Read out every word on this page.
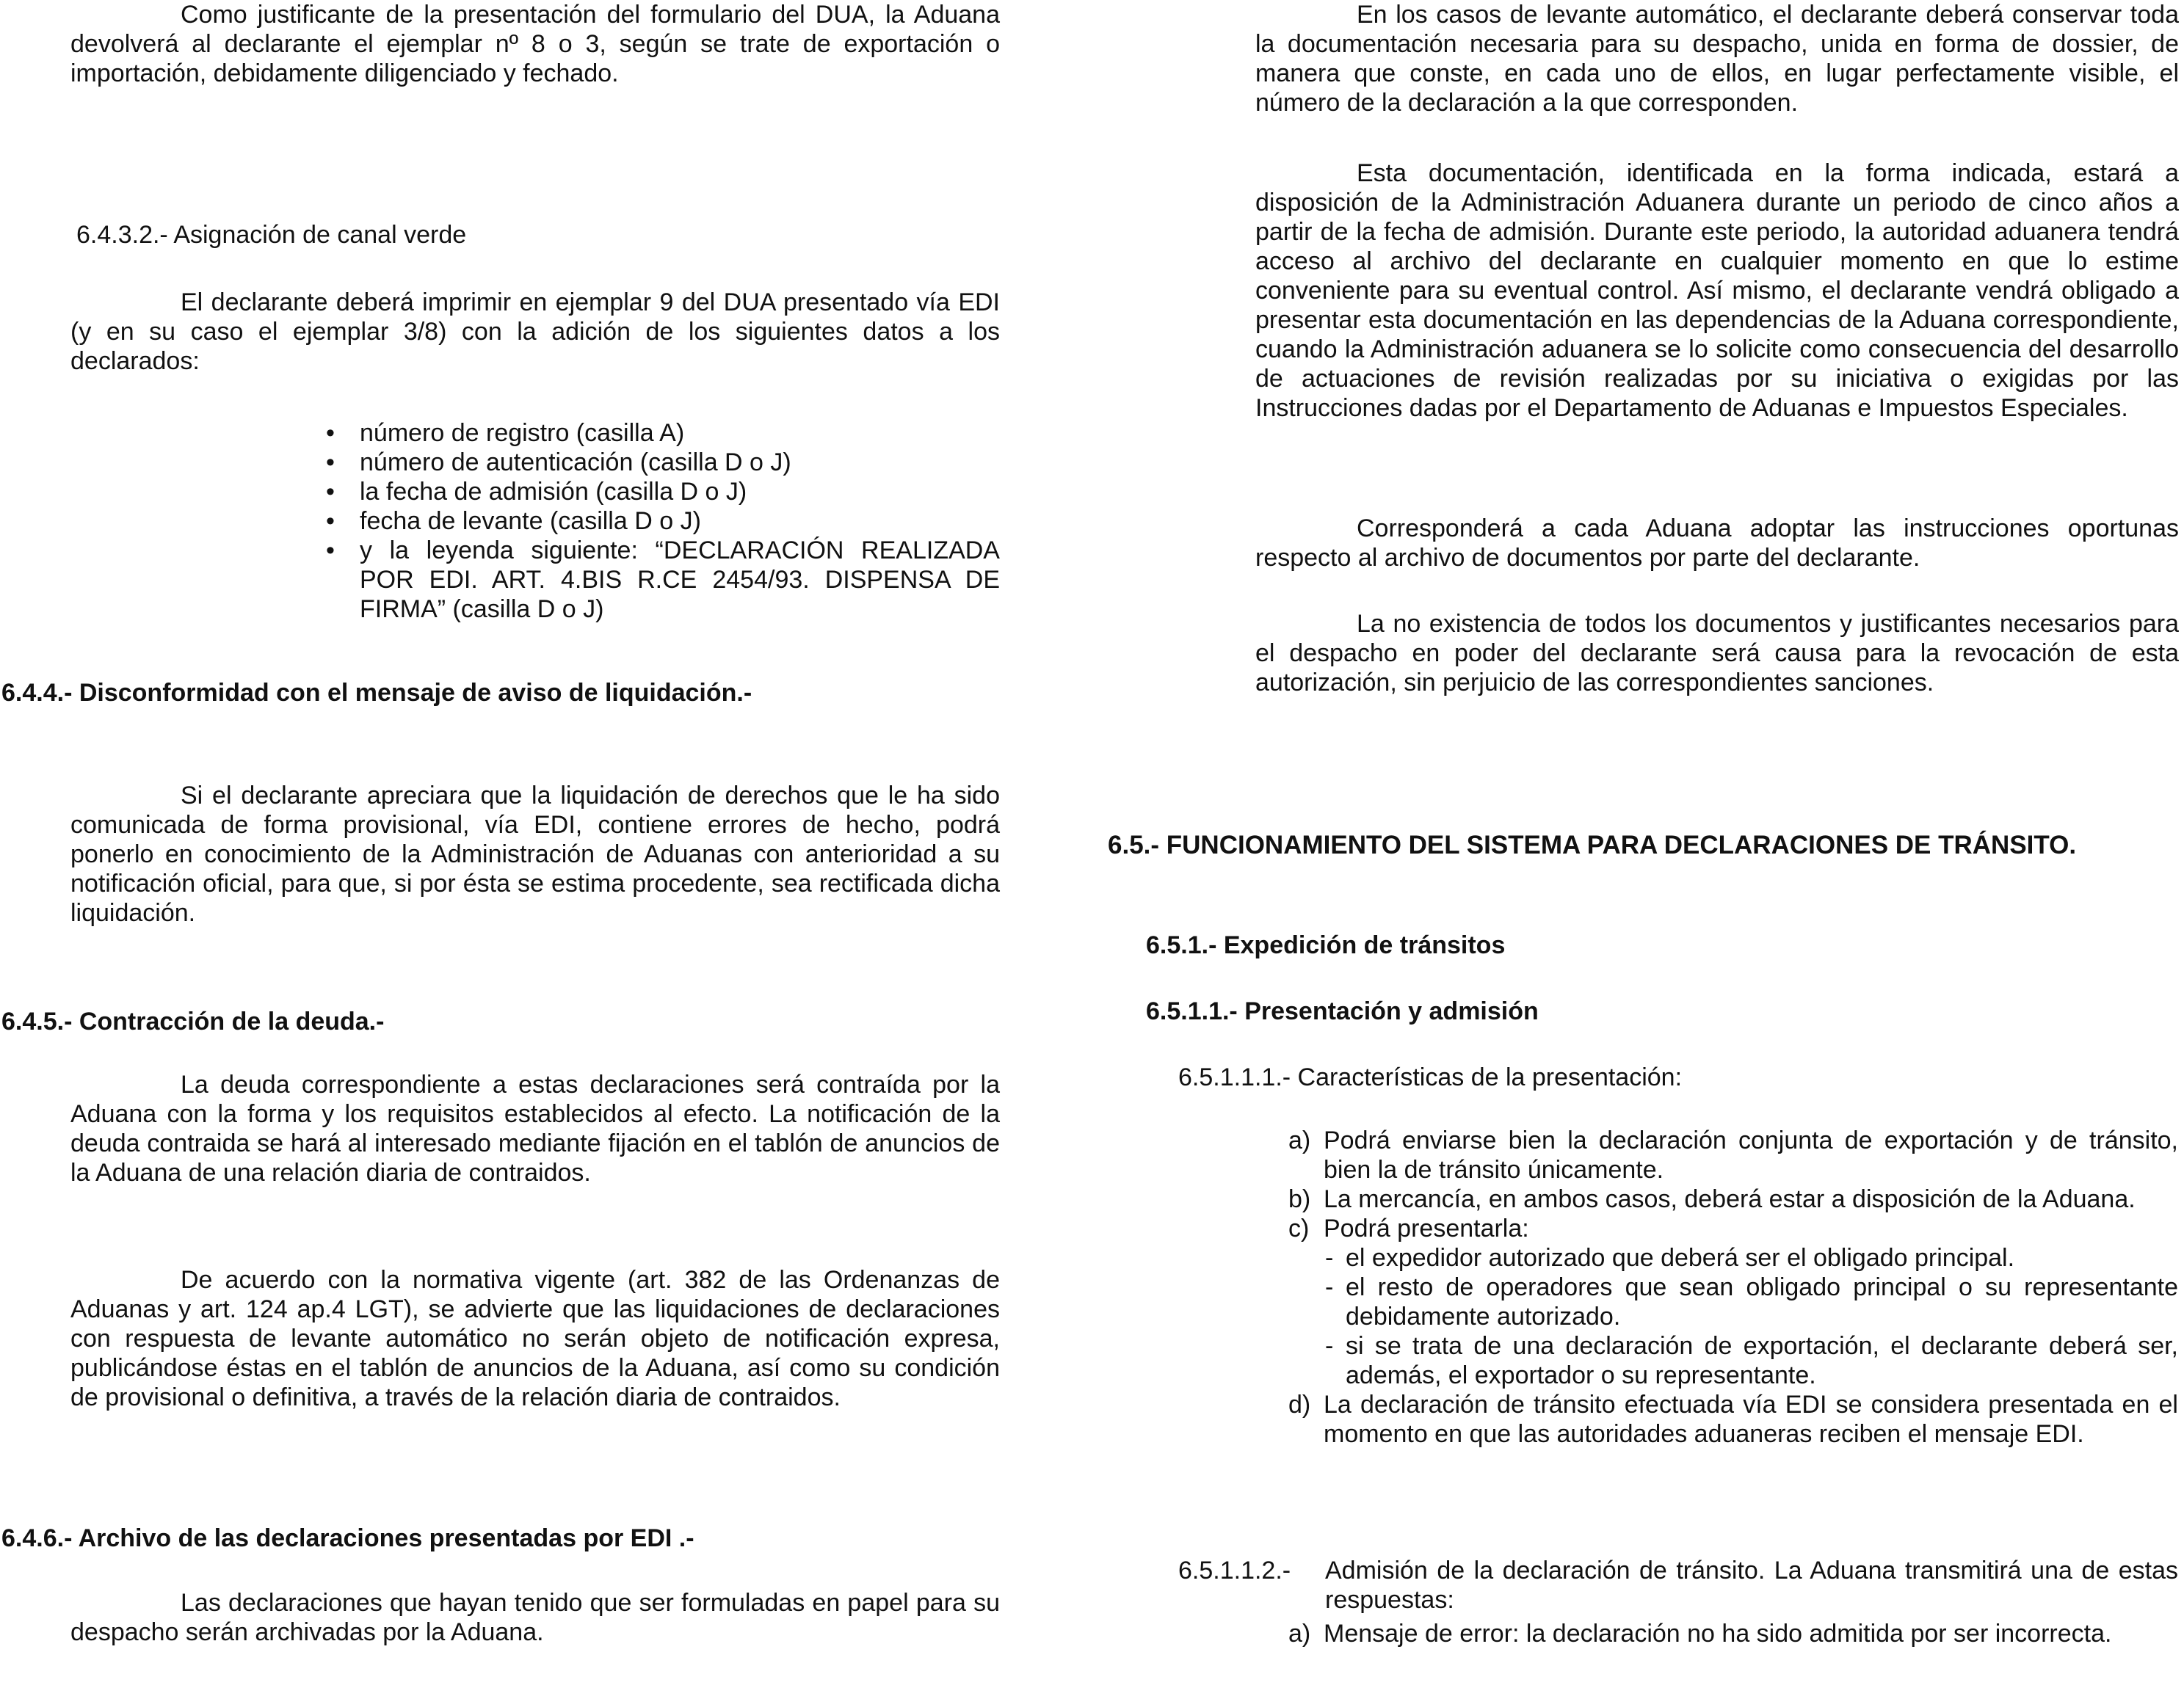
Como justificante de la presentación del formulario del DUA, la Aduana devolverá al declarante el ejemplar nº 8 o 3, según se trate de exportación o importación, debidamente diligenciado y fechado.
6.4.3.2.- Asignación de canal verde
El declarante deberá imprimir en ejemplar 9 del DUA presentado vía EDI (y en su caso el ejemplar 3/8) con la adición de los siguientes datos a los declarados:
• número de registro (casilla A)
• número de autenticación (casilla D o J)
• la fecha de admisión (casilla D o J)
• fecha de levante (casilla D o J)
• y la leyenda siguiente: “DECLARACIÓN REALIZADA POR EDI. ART. 4.BIS R.CE 2454/93. DISPENSA DE FIRMA” (casilla D o J)
6.4.4.- Disconformidad con el mensaje de aviso de liquidación.-
Si el declarante apreciara que la liquidación de derechos que le ha sido comunicada de forma provisional, vía EDI, contiene errores de hecho, podrá ponerlo en conocimiento de la Administración de Aduanas con anterioridad a su notificación oficial, para que, si por ésta se estima procedente, sea rectificada dicha liquidación.
6.4.5.- Contracción de la deuda.-
La deuda correspondiente a estas declaraciones será contraída por la Aduana con la forma y los requisitos establecidos al efecto. La notificación de la deuda contraida se hará al interesado mediante fijación en el tablón de anuncios de la Aduana de una relación diaria de contraidos.
De acuerdo con la normativa vigente (art. 382 de las Ordenanzas de Aduanas y art. 124 ap.4 LGT), se advierte que las liquidaciones de declaraciones con respuesta de levante automático no serán objeto de notificación expresa, publicándose éstas en el tablón de anuncios de la Aduana, así como su condición de provisional o definitiva, a través de la relación diaria de contraidos.
6.4.6.- Archivo de las declaraciones presentadas por EDI .-
Las declaraciones que hayan tenido que ser formuladas en papel para su despacho serán archivadas por la Aduana.
En los casos de levante automático, el declarante deberá conservar toda la documentación necesaria para su despacho, unida en forma de dossier, de manera que conste, en cada uno de ellos, en lugar perfectamente visible, el número de la declaración a la que corresponden.
Esta documentación, identificada en la forma indicada, estará a disposición de la Administración Aduanera durante un periodo de cinco años a partir de la fecha de admisión. Durante este periodo, la autoridad aduanera tendrá acceso al archivo del declarante en cualquier momento en que lo estime conveniente para su eventual control. Así mismo, el declarante vendrá obligado a presentar esta documentación en las dependencias de la Aduana correspondiente, cuando la Administración aduanera se lo solicite como consecuencia del desarrollo de actuaciones de revisión realizadas por su iniciativa o exigidas por las Instrucciones dadas por el Departamento de Aduanas e Impuestos Especiales.
Corresponderá a cada Aduana adoptar las instrucciones oportunas respecto al archivo de documentos por parte del declarante.
La no existencia de todos los documentos y justificantes necesarios para el despacho en poder del declarante será causa para la revocación de esta autorización, sin perjuicio de las correspondientes sanciones.
6.5.- FUNCIONAMIENTO DEL SISTEMA PARA DECLARACIONES DE TRÁNSITO.
6.5.1.- Expedición de tránsitos
6.5.1.1.- Presentación y admisión
6.5.1.1.1.- Características de la presentación:
a) Podrá enviarse bien la declaración conjunta de exportación y de tránsito, bien la de tránsito únicamente.
b) La mercancía, en ambos casos, deberá estar a disposición de la Aduana.
c) Podrá presentarla:
- el expedidor autorizado que deberá ser el obligado principal.
- el resto de operadores que sean obligado principal o su representante debidamente autorizado.
- si se trata de una declaración de exportación, el declarante deberá ser, además, el exportador o su representante.
d) La declaración de tránsito efectuada vía EDI se considera presentada en el momento en que las autoridades aduaneras reciben el mensaje EDI.
6.5.1.1.2.- Admisión de la declaración de tránsito. La Aduana transmitirá una de estas respuestas:
a) Mensaje de error: la declaración no ha sido admitida por ser incorrecta.
